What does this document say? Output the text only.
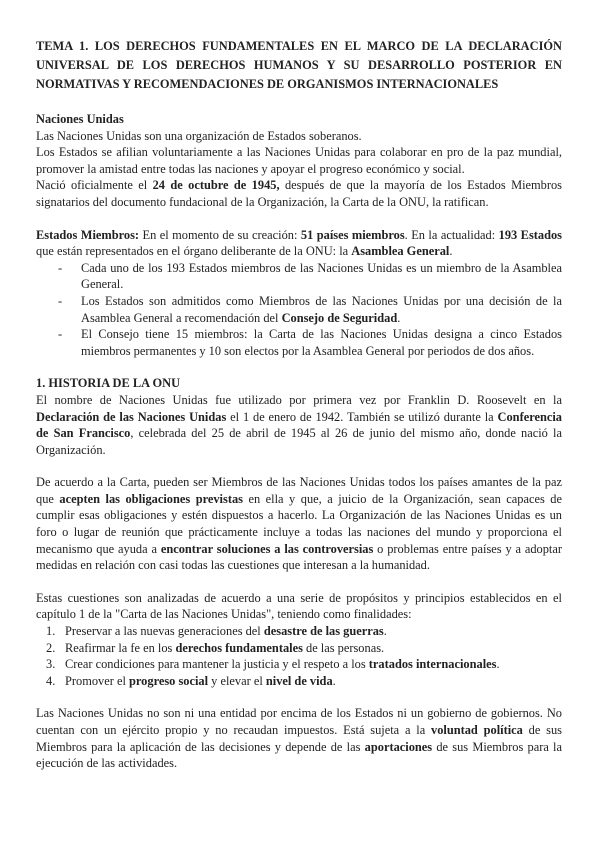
TEMA 1. LOS DERECHOS FUNDAMENTALES EN EL MARCO DE LA DECLARACIÓN UNIVERSAL DE LOS DERECHOS HUMANOS Y SU DESARROLLO POSTERIOR EN NORMATIVAS Y RECOMENDACIONES DE ORGANISMOS INTERNACIONALES

Naciones Unidas

Las Naciones Unidas son una organización de Estados soberanos.

Los Estados se afilian voluntariamente a las Naciones Unidas para colaborar en pro de la paz mundial, promover la amistad entre todas las naciones y apoyar el progreso económico y social.

Nació oficialmente el 24 de octubre de 1945, después de que la mayoría de los Estados Miembros signatarios del documento fundacional de la Organización, la Carta de la ONU, la ratifican.

Estados Miembros: En el momento de su creación: 51 países miembros. En la actualidad: 193 Estados que están representados en el órgano deliberante de la ONU: la Asamblea General.

- Cada uno de los 193 Estados miembros de las Naciones Unidas es un miembro de la Asamblea General.
- Los Estados son admitidos como Miembros de las Naciones Unidas por una decisión de la Asamblea General a recomendación del Consejo de Seguridad.
- El Consejo tiene 15 miembros: la Carta de las Naciones Unidas designa a cinco Estados miembros permanentes y 10 son electos por la Asamblea General por periodos de dos años.

1. HISTORIA DE LA ONU

El nombre de Naciones Unidas fue utilizado por primera vez por Franklin D. Roosevelt en la Declaración de las Naciones Unidas el 1 de enero de 1942. También se utilizó durante la Conferencia de San Francisco, celebrada del 25 de abril de 1945 al 26 de junio del mismo año, donde nació la Organización.

De acuerdo a la Carta, pueden ser Miembros de las Naciones Unidas todos los países amantes de la paz que acepten las obligaciones previstas en ella y que, a juicio de la Organización, sean capaces de cumplir esas obligaciones y estén dispuestos a hacerlo. La Organización de las Naciones Unidas es un foro o lugar de reunión que prácticamente incluye a todas las naciones del mundo y proporciona el mecanismo que ayuda a encontrar soluciones a las controversias o problemas entre países y a adoptar medidas en relación con casi todas las cuestiones que interesan a la humanidad.

Estas cuestiones son analizadas de acuerdo a una serie de propósitos y principios establecidos en el capítulo 1 de la "Carta de las Naciones Unidas", teniendo como finalidades:

1. Preservar a las nuevas generaciones del desastre de las guerras.
2. Reafirmar la fe en los derechos fundamentales de las personas.
3. Crear condiciones para mantener la justicia y el respeto a los tratados internacionales.
4. Promover el progreso social y elevar el nivel de vida.

Las Naciones Unidas no son ni una entidad por encima de los Estados ni un gobierno de gobiernos. No cuentan con un ejército propio y no recaudan impuestos. Está sujeta a la voluntad política de sus Miembros para la aplicación de las decisiones y depende de las aportaciones de sus Miembros para la ejecución de las actividades.
